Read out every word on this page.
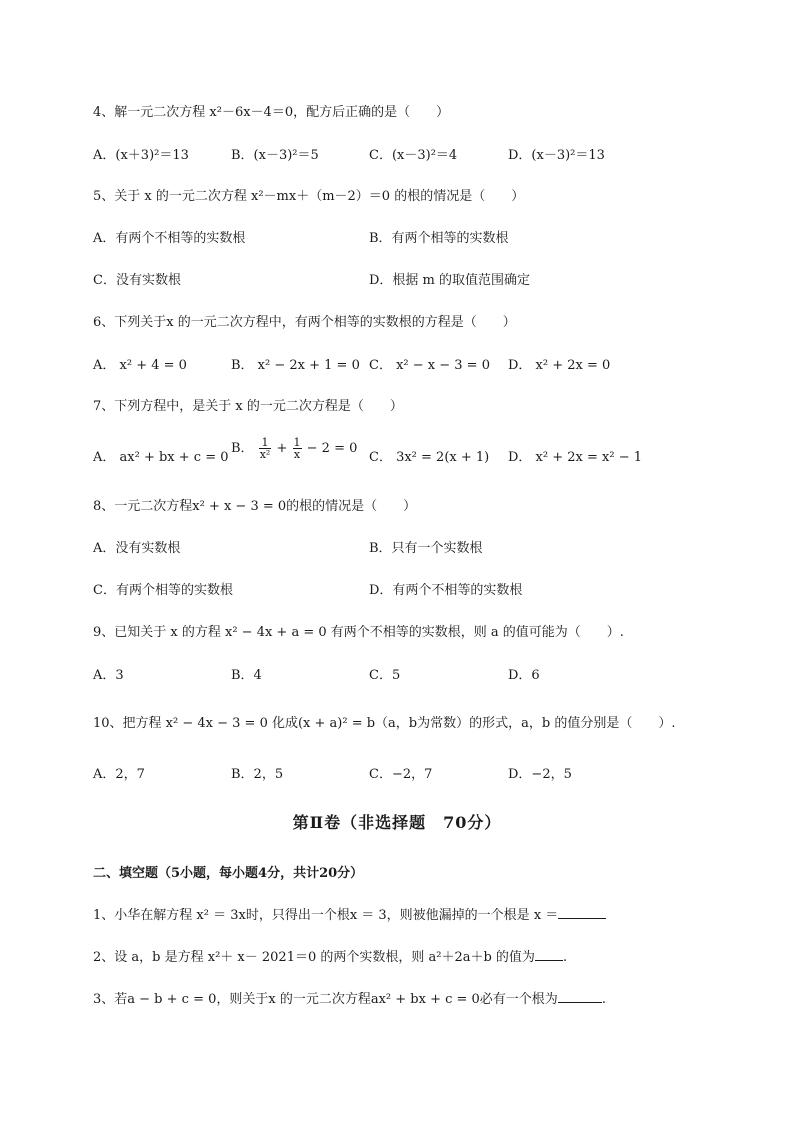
4、解一元二次方程 x²－6x－4＝0，配方后正确的是（　　）
A．(x＋3)²＝13	B．(x－3)²＝5	C．(x－3)²＝4	D．(x－3)²＝13
5、关于 x 的一元二次方程 x²－mx＋（m－2）＝0 的根的情况是（　　）
A．有两个不相等的实数根	B．有两个相等的实数根
C．没有实数根	D．根据 m 的取值范围确定
6、下列关于x 的一元二次方程中，有两个相等的实数根的方程是（　　）
A． x² + 4 = 0	B． x² − 2x + 1 = 0 C． x² − x − 3 = 0 D． x² + 2x = 0
7、下列方程中，是关于 x 的一元二次方程是（　　）
A． ax² + bx + c = 0
B． $\frac{1}{\text{x²}} + \frac{1}{x} - 2 = 0$
C． 3x² = 2(x + 1) D． x² + 2x = x² − 1
8、一元二次方程x² + x − 3 = 0的根的情况是（　　）
A．没有实数根	B．只有一个实数根
C．有两个相等的实数根	D．有两个不相等的实数根
9、已知关于 x 的方程 x² − 4x + a = 0 有两个不相等的实数根，则 a 的值可能为（　　）.
A．3	B．4	C．5	D．6
10、把方程 x² − 4x − 3 = 0 化成(x + a)² = b（a，b为常数）的形式，a，b 的值分别是（　　）.
A．2，7	B．2，5	C．−2，7	D．−2，5
第Ⅱ卷（非选择题　70分）
二、填空题（5小题，每小题4分，共计20分）
1、小华在解方程 x² ＝ 3x时，只得出一个根x ＝ 3，则被他漏掉的一个根是 x ＝
2、设 a，b 是方程 x²＋ x－ 2021＝0 的两个实数根，则 a²＋2a＋b 的值为 .
3、若a − b + c = 0，则关于x 的一元二次方程ax² + bx + c = 0必有一个根为	.
